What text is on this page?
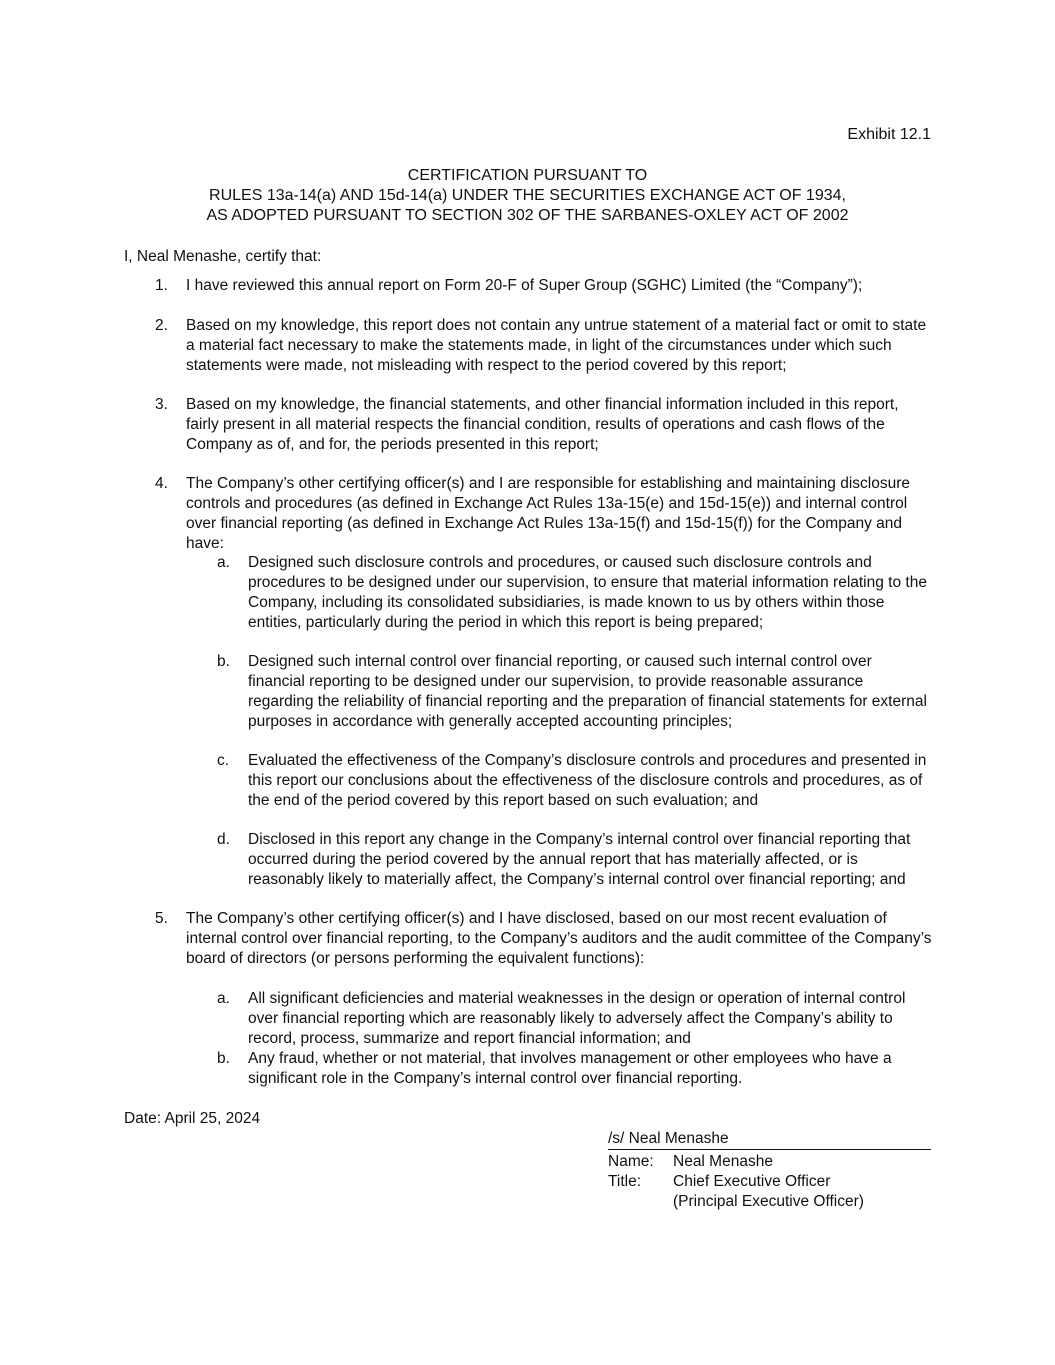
Exhibit 12.1
CERTIFICATION PURSUANT TO
RULES 13a-14(a) AND 15d-14(a) UNDER THE SECURITIES EXCHANGE ACT OF 1934,
AS ADOPTED PURSUANT TO SECTION 302 OF THE SARBANES-OXLEY ACT OF 2002
I, Neal Menashe, certify that:
1. I have reviewed this annual report on Form 20-F of Super Group (SGHC) Limited (the “Company”);
2. Based on my knowledge, this report does not contain any untrue statement of a material fact or omit to state a material fact necessary to make the statements made, in light of the circumstances under which such statements were made, not misleading with respect to the period covered by this report;
3. Based on my knowledge, the financial statements, and other financial information included in this report, fairly present in all material respects the financial condition, results of operations and cash flows of the Company as of, and for, the periods presented in this report;
4. The Company’s other certifying officer(s) and I are responsible for establishing and maintaining disclosure controls and procedures (as defined in Exchange Act Rules 13a-15(e) and 15d-15(e)) and internal control over financial reporting (as defined in Exchange Act Rules 13a-15(f) and 15d-15(f)) for the Company and have:
a. Designed such disclosure controls and procedures, or caused such disclosure controls and procedures to be designed under our supervision, to ensure that material information relating to the Company, including its consolidated subsidiaries, is made known to us by others within those entities, particularly during the period in which this report is being prepared;
b. Designed such internal control over financial reporting, or caused such internal control over financial reporting to be designed under our supervision, to provide reasonable assurance regarding the reliability of financial reporting and the preparation of financial statements for external purposes in accordance with generally accepted accounting principles;
c. Evaluated the effectiveness of the Company’s disclosure controls and procedures and presented in this report our conclusions about the effectiveness of the disclosure controls and procedures, as of the end of the period covered by this report based on such evaluation; and
d. Disclosed in this report any change in the Company’s internal control over financial reporting that occurred during the period covered by the annual report that has materially affected, or is reasonably likely to materially affect, the Company’s internal control over financial reporting; and
5. The Company’s other certifying officer(s) and I have disclosed, based on our most recent evaluation of internal control over financial reporting, to the Company’s auditors and the audit committee of the Company’s board of directors (or persons performing the equivalent functions):
a. All significant deficiencies and material weaknesses in the design or operation of internal control over financial reporting which are reasonably likely to adversely affect the Company’s ability to record, process, summarize and report financial information; and
b. Any fraud, whether or not material, that involves management or other employees who have a significant role in the Company’s internal control over financial reporting.
Date: April 25, 2024
/s/ Neal Menashe
Name: Neal Menashe
Title: Chief Executive Officer
(Principal Executive Officer)
